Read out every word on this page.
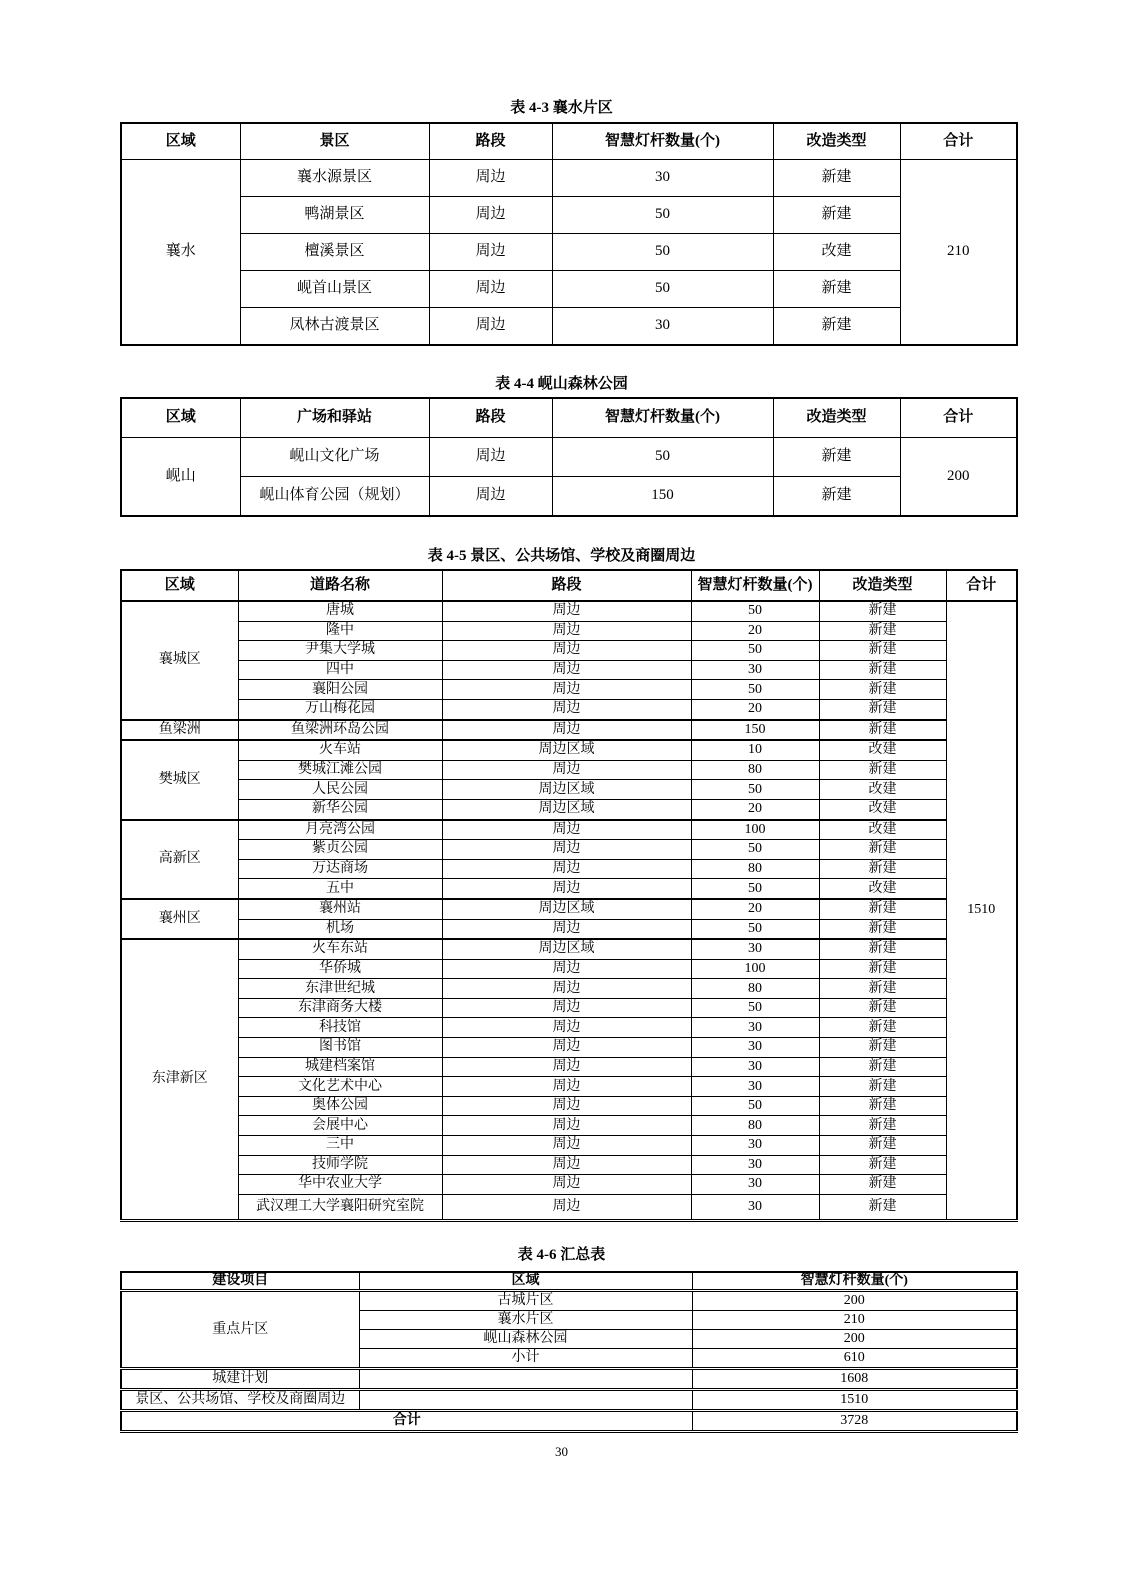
表 4-3 襄水片区
区域	景区	路段	智慧灯杆数量(个)	改造类型	合计
襄水	襄水源景区	周边	30	新建	210
	鸭湖景区	周边	50	新建	
	檀溪景区	周边	50	改建	
	岘首山景区	周边	50	新建	
	凤林古渡景区	周边	30	新建	
表 4-4 岘山森林公园
区域	广场和驿站	路段	智慧灯杆数量(个)	改造类型	合计
岘山	岘山文化广场	周边	50	新建	200
	岘山体育公园（规划）	周边	150	新建	
表 4-5 景区、公共场馆、学校及商圈周边
区域	道路名称	路段	智慧灯杆数量(个)	改造类型	合计
襄城区	唐城	周边	50	新建	1510
	隆中	周边	20	新建	
	尹集大学城	周边	50	新建	
	四中	周边	30	新建	
	襄阳公园	周边	50	新建	
	万山梅花园	周边	20	新建	
鱼梁洲	鱼梁洲环岛公园	周边	150	新建	
樊城区	火车站	周边区域	10	改建	
	樊城江滩公园	周边	80	新建	
	人民公园	周边区域	50	改建	
	新华公园	周边区域	20	改建	
高新区	月亮湾公园	周边	100	改建	
	紫贞公园	周边	50	新建	
	万达商场	周边	80	新建	
	五中	周边	50	改建	
襄州区	襄州站	周边区域	20	新建	
	机场	周边	50	新建	
东津新区	火车东站	周边区域	30	新建	
	华侨城	周边	100	新建	
	东津世纪城	周边	80	新建	
	东津商务大楼	周边	50	新建	
	科技馆	周边	30	新建	
	图书馆	周边	30	新建	
	城建档案馆	周边	30	新建	
	文化艺术中心	周边	30	新建	
	奥体公园	周边	50	新建	
	会展中心	周边	80	新建	
	三中	周边	30	新建	
	技师学院	周边	30	新建	
	华中农业大学	周边	30	新建	
	武汉理工大学襄阳研究室院	周边	30	新建	
表 4-6 汇总表
建设项目	区域	智慧灯杆数量(个)
重点片区	古城片区	200
	襄水片区	210
	岘山森林公园	200
	小计	610
城建计划		1608
景区、公共场馆、学校及商圈周边		1510
合计		3728
30
